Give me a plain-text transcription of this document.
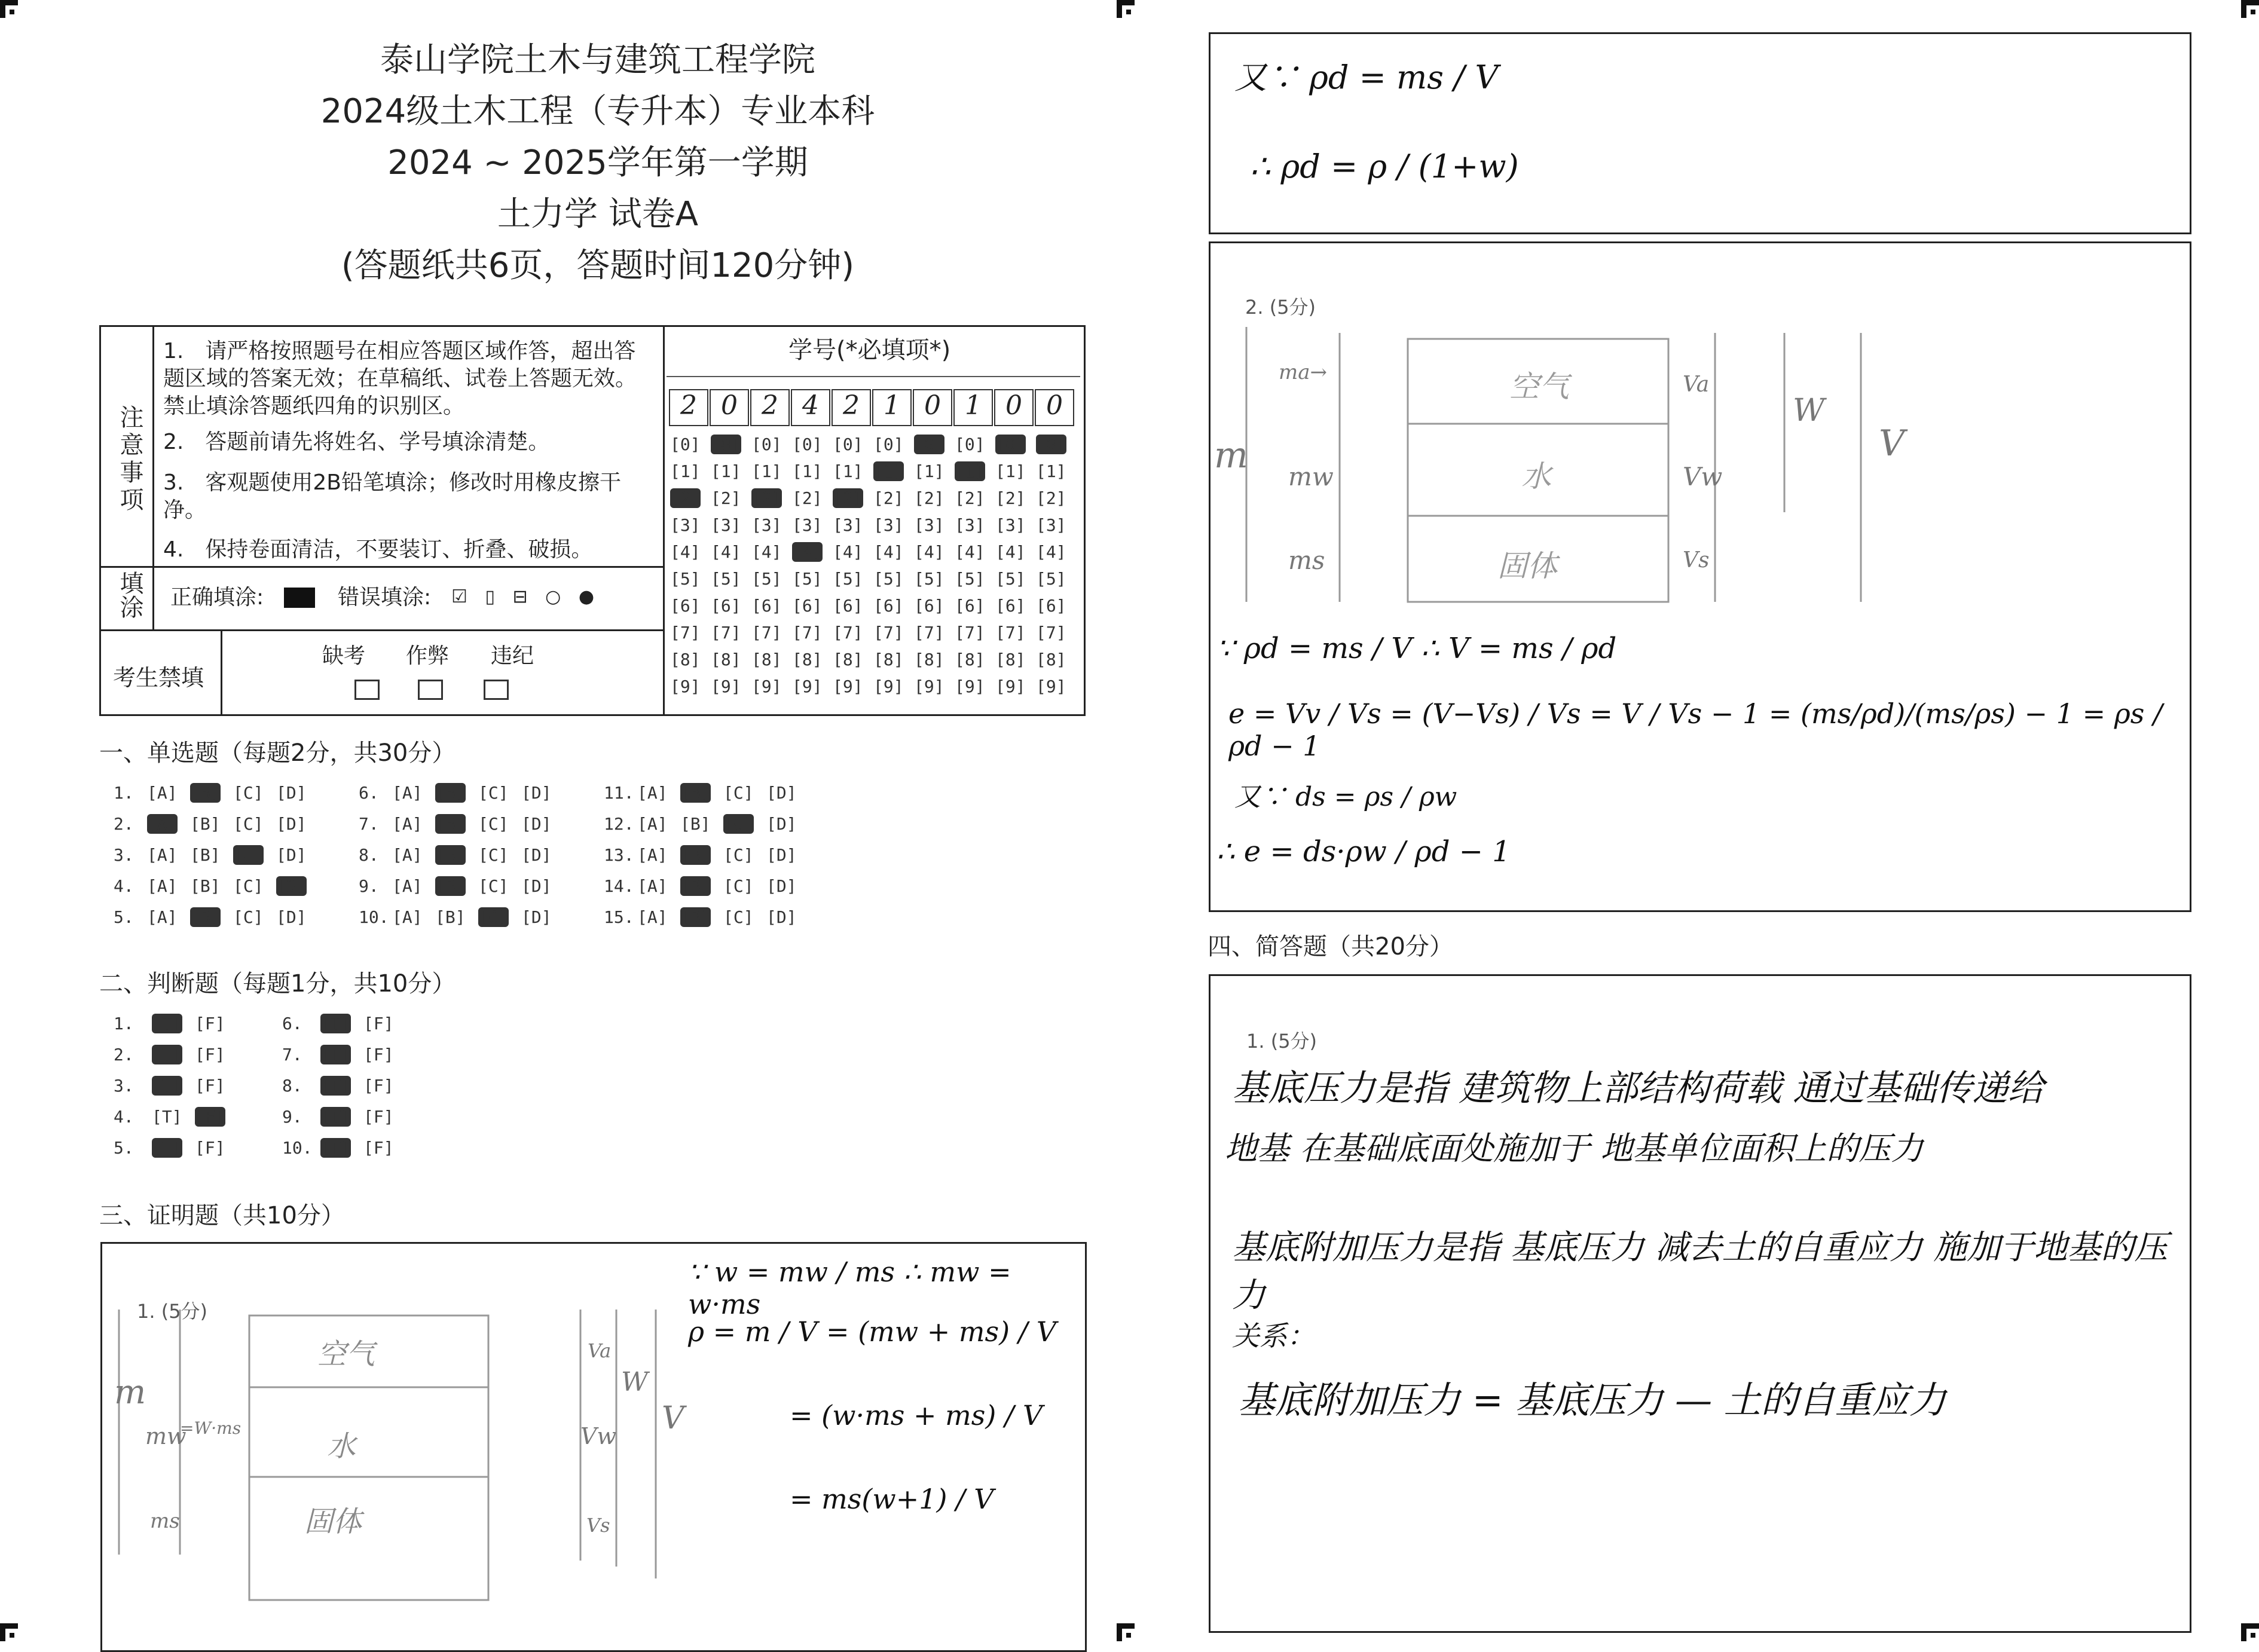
泰山学院土木与建筑工程学院
2024级土木工程（专升本）专业本科
2024 ~ 2025学年第一学期
土力学 试卷A
(答题纸共6页，答题时间120分钟)
注意事项
1.　请严格按照题号在相应答题区域作答，超出答题区域的答案无效；在草稿纸、试卷上答题无效。禁止填涂答题纸四角的识别区。
2.　答题前请先将姓名、学号填涂清楚。
3.　客观题使用2B铅笔填涂；修改时用橡皮擦干净。
4.　保持卷面清洁，不要装订、折叠、破损。
填涂 正确填涂:	错误填涂: ☑ ▯ ⊟ ○ ●
考生禁填
缺考 作弊 违纪
学号(*必填项*)
2 0 2 4 2 1 0 1 0 0
[0] [0] [0] [0] [0] [0] [0] [0] [0] [0]
[1] [1] [1] [1] [1] [1] [1] [1] [1] [1]
[2] [2] [2] [2] [2] [2] [2] [2] [2] [2]
[3] [3] [3] [3] [3] [3] [3] [3] [3] [3]
[4] [4] [4] [4] [4] [4] [4] [4] [4] [4]
[5] [5] [5] [5] [5] [5] [5] [5] [5] [5]
[6] [6] [6] [6] [6] [6] [6] [6] [6] [6]
[7] [7] [7] [7] [7] [7] [7] [7] [7] [7]
[8] [8] [8] [8] [8] [8] [8] [8] [8] [8]
[9] [9] [9] [9] [9] [9] [9] [9] [9] [9]
一、单选题（每题2分，共30分）
1. [A] [B] [C] [D]
2. [A] [B] [C] [D]
3. [A] [B] [C] [D]
4. [A] [B] [C] [D]
5. [A] [B] [C] [D]
6. [A] [B] [C] [D]
7. [A] [B] [C] [D]
8. [A] [B] [C] [D]
9. [A] [B] [C] [D]
10. [A] [B] [C] [D]
11. [A] [B] [C] [D]
12. [A] [B] [C] [D]
13. [A] [B] [C] [D]
14. [A] [B] [C] [D]
15. [A] [B] [C] [D]
二、判断题（每题1分，共10分）
1. [T] [F]
2. [T] [F]
3. [T] [F]
4. [T] [F]
5. [T] [F]
6. [T] [F]
7. [T] [F]
8. [T] [F]
9. [T] [F]
10. [T] [F]
三、证明题（共10分）
1. (5分)
空气
水
固体
m
mw
=W·ms
ms
Va
Vw
Vs
W
V
∵ w = mw / ms ∴ mw = w·ms
ρ = m / V = (mw + ms) / V
= (w·ms + ms) / V
= ms(w+1) / V
又∵ ρd = ms / V
∴ ρd = ρ / (1+w)
2. (5分)
空气
水
固体
ma→
mw
ms
m
Va
Vw
Vs
W
V
∵ ρd = ms / V ∴ V = ms / ρd
e = Vv / Vs = (V−Vs) / Vs = V / Vs − 1 = (ms/ρd)/(ms/ρs) − 1 = ρs / ρd − 1
又∵ ds = ρs / ρw
∴ e = ds·ρw / ρd − 1
四、简答题（共20分）
1. (5分)
基底压力是指 建筑物上部结构荷载 通过基础传递给
地基 在基础底面处施加于 地基单位面积上的压力
基底附加压力是指 基底压力 减去土的自重应力 施加于地基的压力
关系：
基底附加压力 = 基底压力 — 土的自重应力
